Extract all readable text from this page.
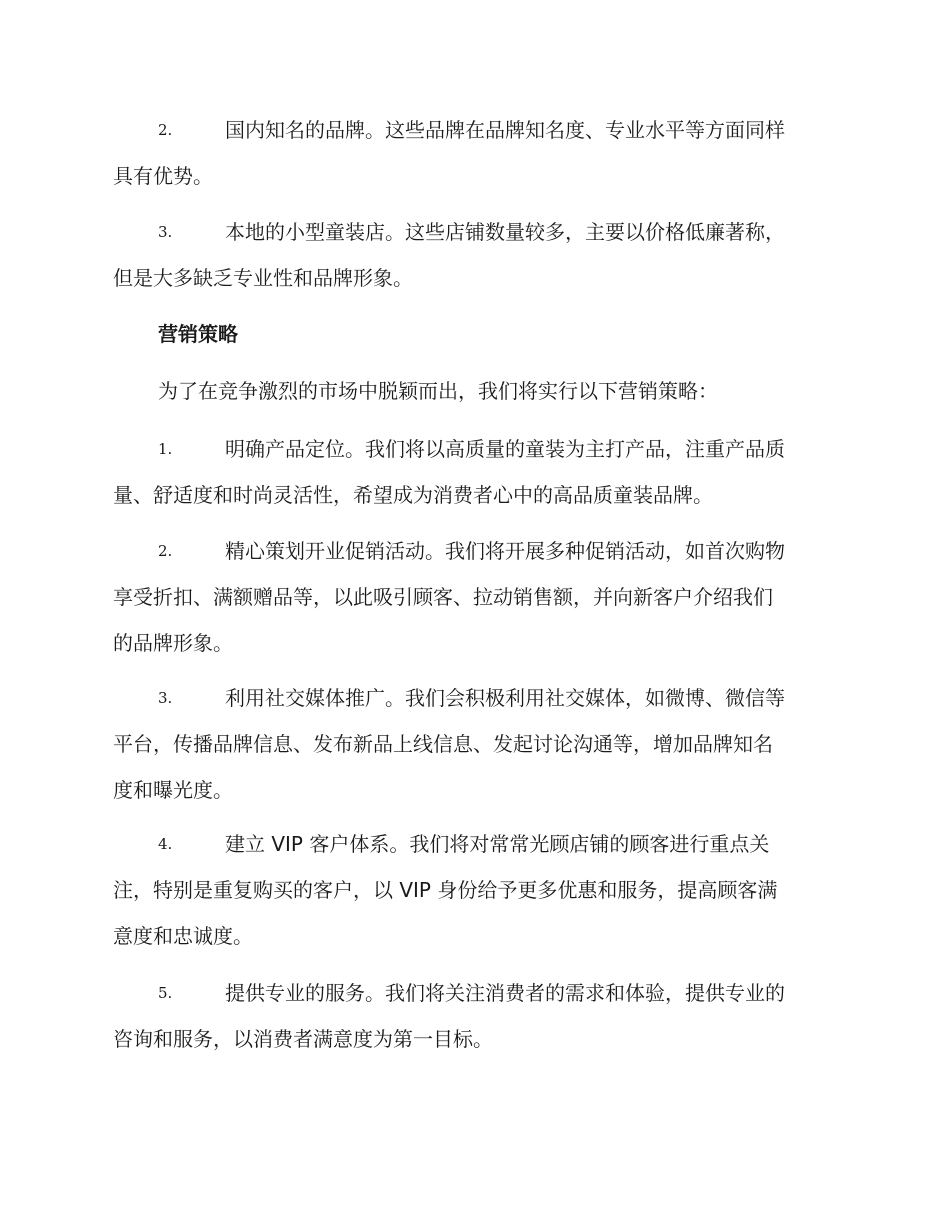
2.	国内知名的品牌。这些品牌在品牌知名度、专业水平等方面同样
具有优势。
3.	本地的小型童装店。这些店铺数量较多，主要以价格低廉著称，
但是大多缺乏专业性和品牌形象。
营销策略
为了在竞争激烈的市场中脱颖而出，我们将实行以下营销策略：
1.	明确产品定位。我们将以高质量的童装为主打产品，注重产品质
量、舒适度和时尚灵活性，希望成为消费者心中的高品质童装品牌。
2.	精心策划开业促销活动。我们将开展多种促销活动，如首次购物
享受折扣、满额赠品等，以此吸引顾客、拉动销售额，并向新客户介绍我们
的品牌形象。
3.	利用社交媒体推广。我们会积极利用社交媒体，如微博、微信等
平台，传播品牌信息、发布新品上线信息、发起讨论沟通等，增加品牌知名
度和曝光度。
4.	建立 VIP 客户体系。我们将对常常光顾店铺的顾客进行重点关
注，特别是重复购买的客户，以 VIP 身份给予更多优惠和服务，提高顾客满
意度和忠诚度。
5.	提供专业的服务。我们将关注消费者的需求和体验，提供专业的
咨询和服务，以消费者满意度为第一目标。
